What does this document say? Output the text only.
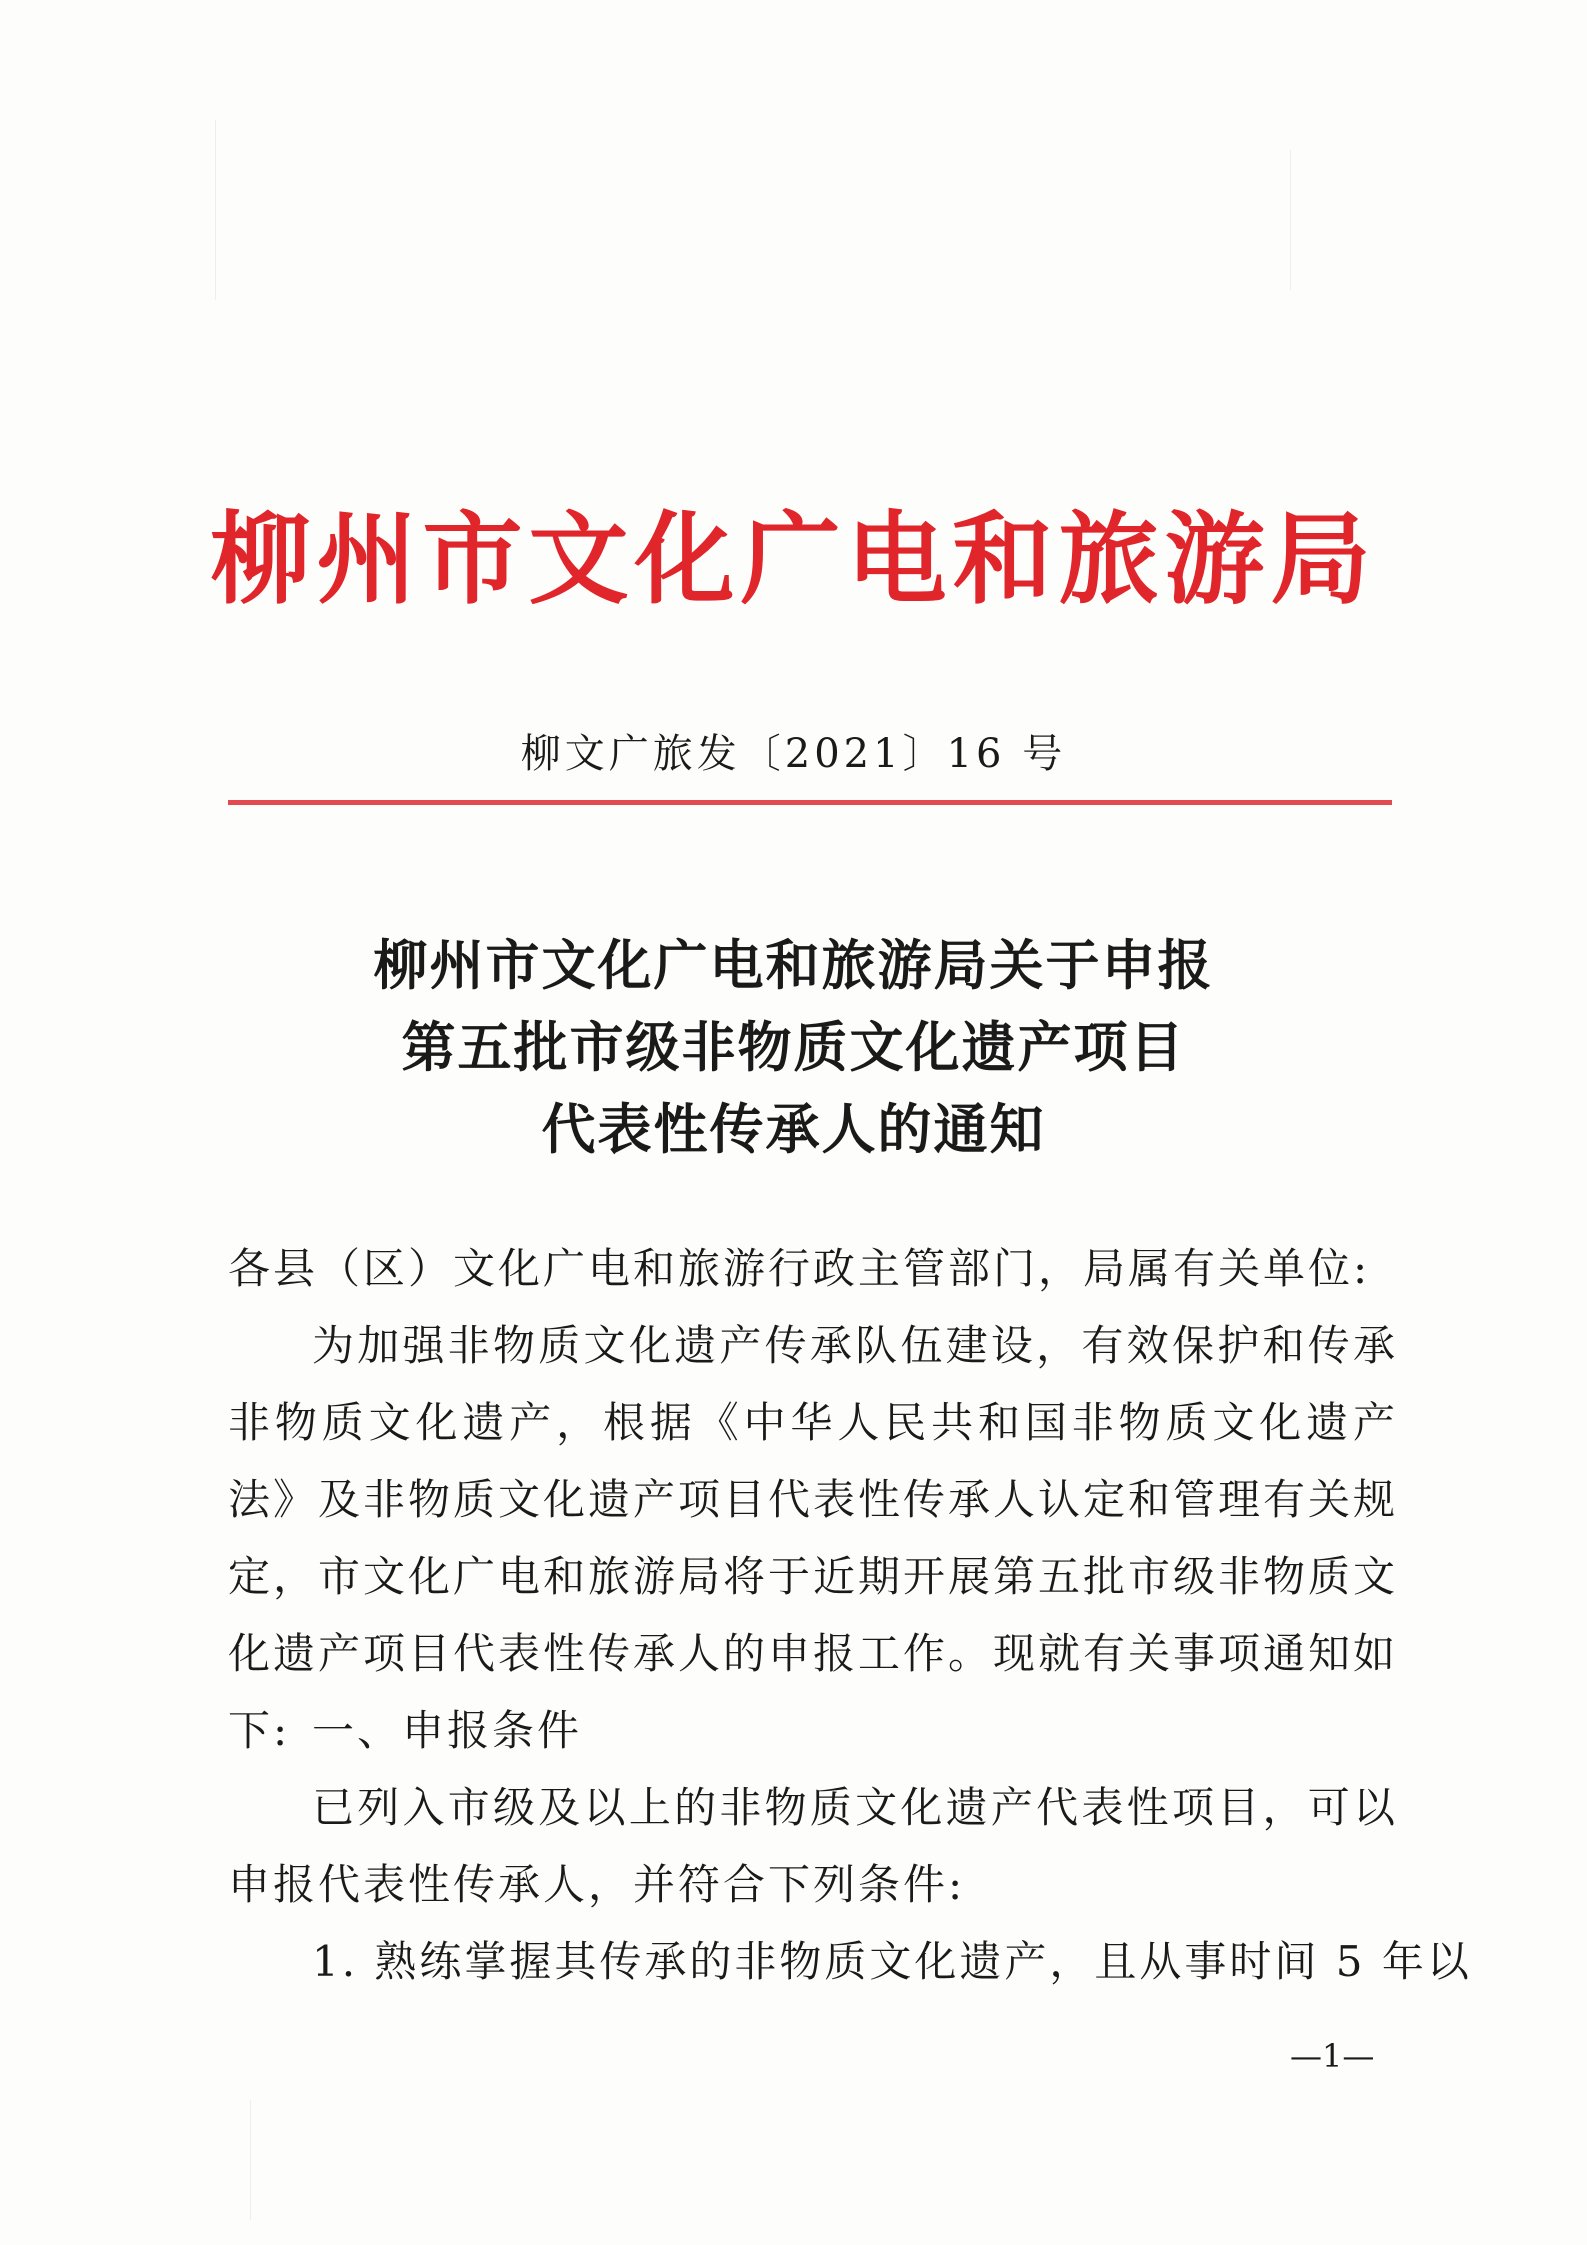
柳州市文化广电和旅游局
柳文广旅发〔2021〕16 号
柳州市文化广电和旅游局关于申报
第五批市级非物质文化遗产项目
代表性传承人的通知
各县（区）文化广电和旅游行政主管部门，局属有关单位:
为加强非物质文化遗产传承队伍建设，有效保护和传承非物质文化遗产，根据《中华人民共和国非物质文化遗产法》及非物质文化遗产项目代表性传承人认定和管理有关规定，市文化广电和旅游局将于近期开展第五批市级非物质文化遗产项目代表性传承人的申报工作。现就有关事项通知如下: 一、申报条件
已列入市级及以上的非物质文化遗产代表性项目，可以申报代表性传承人，并符合下列条件:
1. 熟练掌握其传承的非物质文化遗产，且从事时间 5 年以
—1—
